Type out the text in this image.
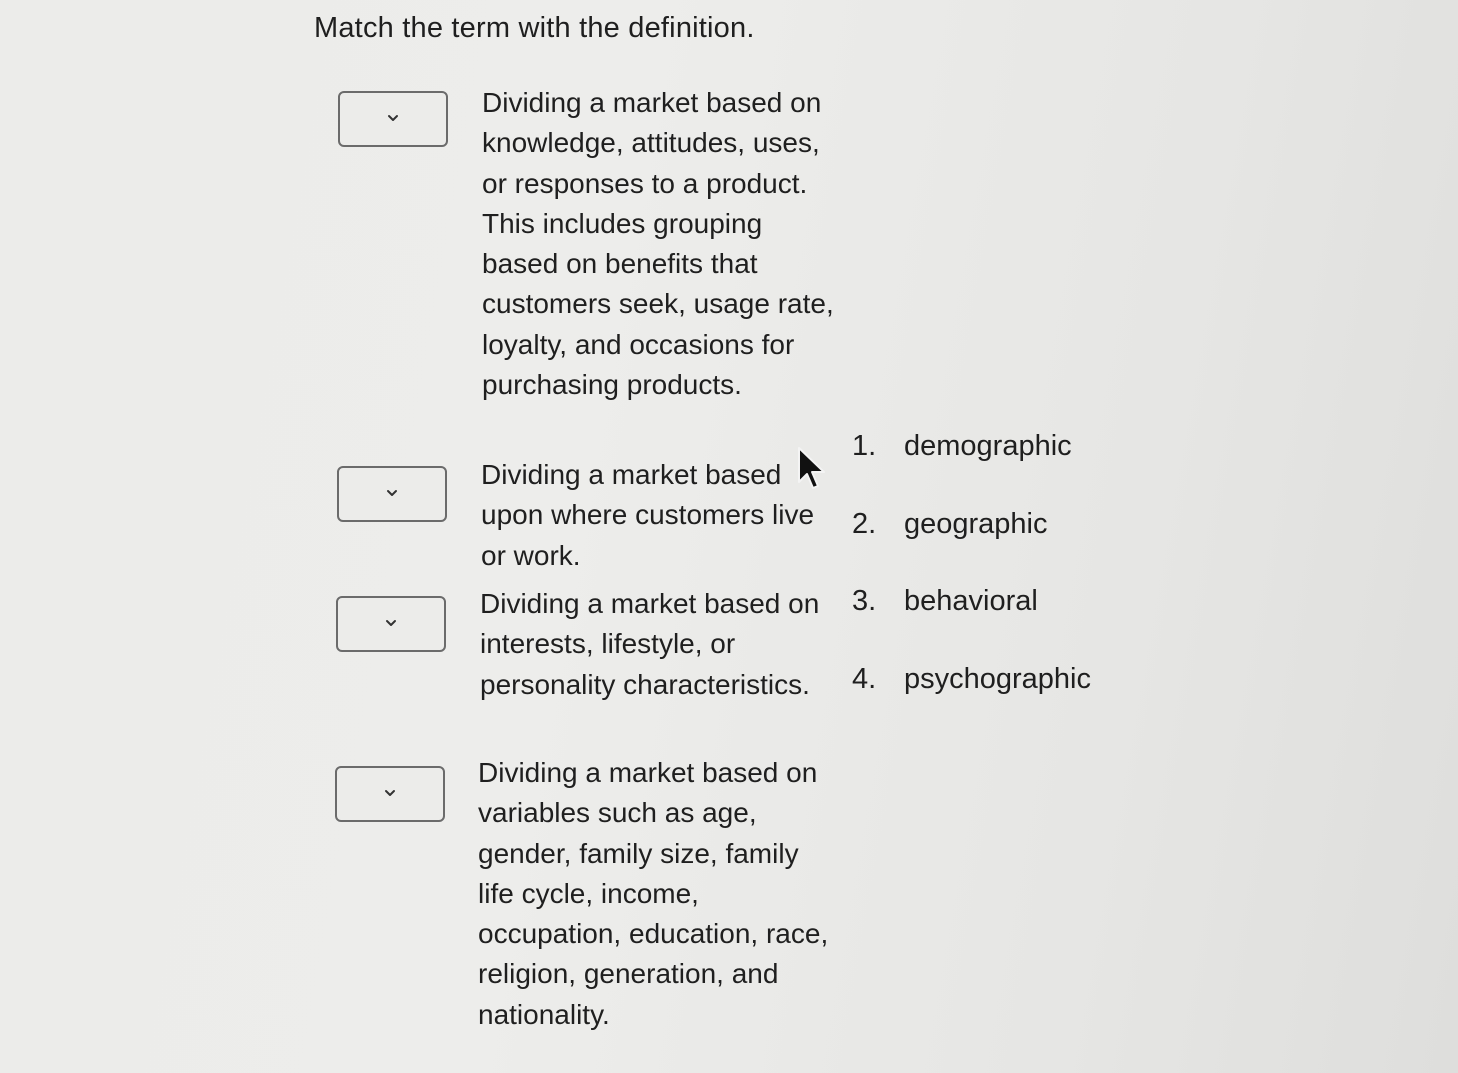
Match the term with the definition.

Dividing a market based on knowledge, attitudes, uses, or responses to a product. This includes grouping based on benefits that customers seek, usage rate, loyalty, and occasions for purchasing products.

Dividing a market based upon where customers live or work.

Dividing a market based on interests, lifestyle, or personality characteristics.

Dividing a market based on variables such as age, gender, family size, family life cycle, income, occupation, education, race, religion, generation, and nationality.

1. demographic
2. geographic
3. behavioral
4. psychographic
